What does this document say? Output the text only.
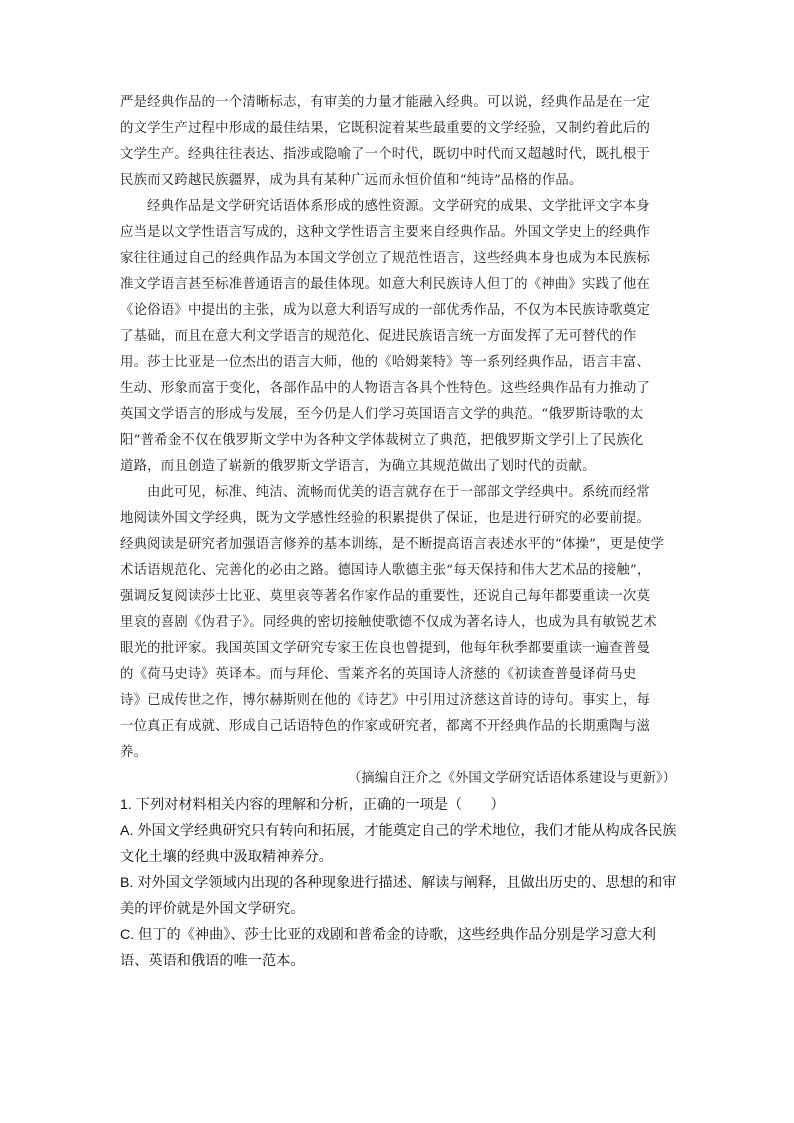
严是经典作品的一个清晰标志，有审美的力量才能融入经典。可以说，经典作品是在一定
的文学生产过程中形成的最佳结果，它既积淀着某些最重要的文学经验，又制约着此后的
文学生产。经典往往表达、指涉或隐喻了一个时代，既切中时代而又超越时代，既扎根于
民族而又跨越民族疆界，成为具有某种广远而永恒价值和“纯诗”品格的作品。

经典作品是文学研究话语体系形成的感性资源。文学研究的成果、文学批评文字本身
应当是以文学性语言写成的，这种文学性语言主要来自经典作品。外国文学史上的经典作
家往往通过自己的经典作品为本国文学创立了规范性语言，这些经典本身也成为本民族标
准文学语言甚至标准普通语言的最佳体现。如意大利民族诗人但丁的《神曲》实践了他在
《论俗语》中提出的主张，成为以意大利语写成的一部优秀作品，不仅为本民族诗歌奠定
了基础，而且在意大利文学语言的规范化、促进民族语言统一方面发挥了无可替代的作
用。莎士比亚是一位杰出的语言大师，他的《哈姆莱特》等一系列经典作品，语言丰富、
生动、形象而富于变化，各部作品中的人物语言各具个性特色。这些经典作品有力推动了
英国文学语言的形成与发展，至今仍是人们学习英国语言文学的典范。“俄罗斯诗歌的太
阳”普希金不仅在俄罗斯文学中为各种文学体裁树立了典范，把俄罗斯文学引上了民族化
道路，而且创造了崭新的俄罗斯文学语言，为确立其规范做出了划时代的贡献。

由此可见，标准、纯洁、流畅而优美的语言就存在于一部部文学经典中。系统而经常
地阅读外国文学经典，既为文学感性经验的积累提供了保证，也是进行研究的必要前提。
经典阅读是研究者加强语言修养的基本训练，是不断提高语言表述水平的“体操”，更是使学
术话语规范化、完善化的必由之路。德国诗人歌德主张“每天保持和伟大艺术品的接触”，
强调反复阅读莎士比亚、莫里哀等著名作家作品的重要性，还说自己每年都要重读一次莫
里哀的喜剧《伪君子》。同经典的密切接触使歌德不仅成为著名诗人，也成为具有敏锐艺术
眼光的批评家。我国英国文学研究专家王佐良也曾提到，他每年秋季都要重读一遍查普曼
的《荷马史诗》英译本。而与拜伦、雪莱齐名的英国诗人济慈的《初读查普曼译荷马史
诗》已成传世之作，博尔赫斯则在他的《诗艺》中引用过济慈这首诗的诗句。事实上，每
一位真正有成就、形成自己话语特色的作家或研究者，都离不开经典作品的长期熏陶与滋
养。

（摘编自汪介之《外国文学研究话语体系建设与更新》）

1. 下列对材料相关内容的理解和分析，正确的一项是（　　）

A. 外国文学经典研究只有转向和拓展，才能奠定自己的学术地位，我们才能从构成各民族
文化土壤的经典中汲取精神养分。
B. 对外国文学领域内出现的各种现象进行描述、解读与阐释，且做出历史的、思想的和审
美的评价就是外国文学研究。
C. 但丁的《神曲》、莎士比亚的戏剧和普希金的诗歌，这些经典作品分别是学习意大利
语、英语和俄语的唯一范本。
